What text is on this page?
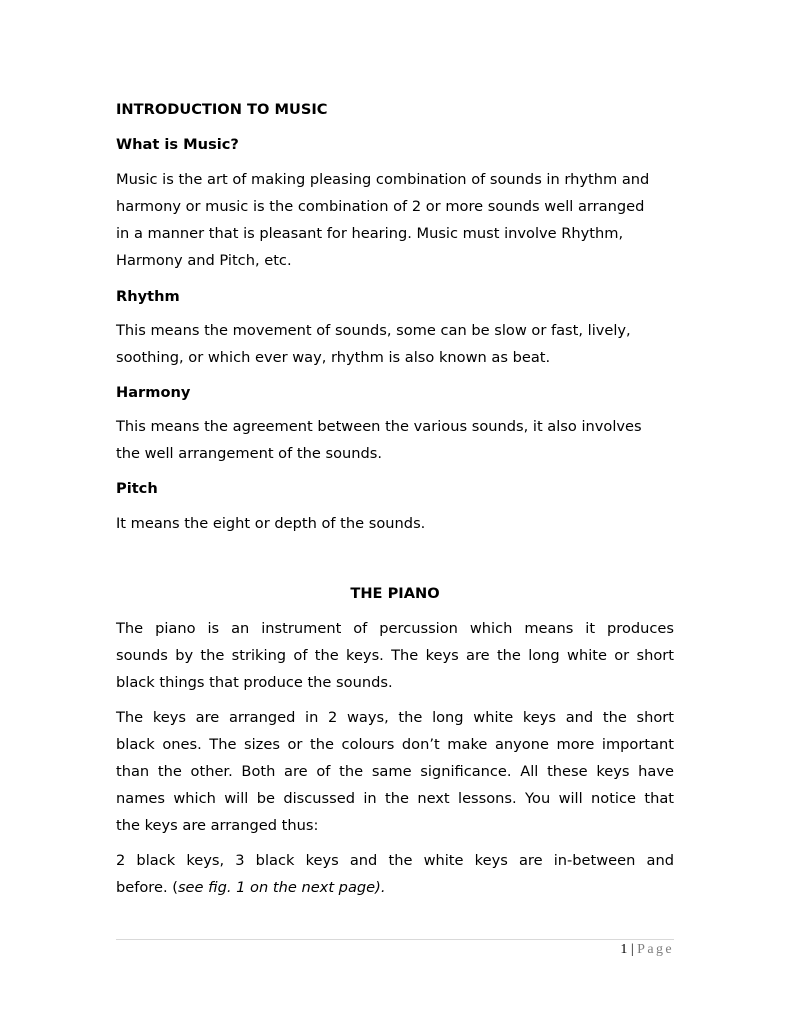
INTRODUCTION TO MUSIC
What is Music?
Music is the art of making pleasing combination of sounds in rhythm and
harmony or music is the combination of 2 or more sounds well arranged
in a manner that is pleasant for hearing. Music must involve Rhythm,
Harmony and Pitch, etc.
Rhythm
This means the movement of sounds, some can be slow or fast, lively,
soothing, or which ever way, rhythm is also known as beat.
Harmony
This means the agreement between the various sounds, it also involves
the well arrangement of the sounds.
Pitch
It means the eight or depth of the sounds.
THE PIANO
The piano is an instrument of percussion which means it produces
sounds by the striking of the keys. The keys are the long white or short
black things that produce the sounds.
The keys are arranged in 2 ways, the long white keys and the short
black ones. The sizes or the colours don’t make anyone more important
than the other. Both are of the same significance. All these keys have
names which will be discussed in the next lessons. You will notice that
the keys are arranged thus:
2 black keys, 3 black keys and the white keys are in-between and
before. (see fig. 1 on the next page).
1 | Page
